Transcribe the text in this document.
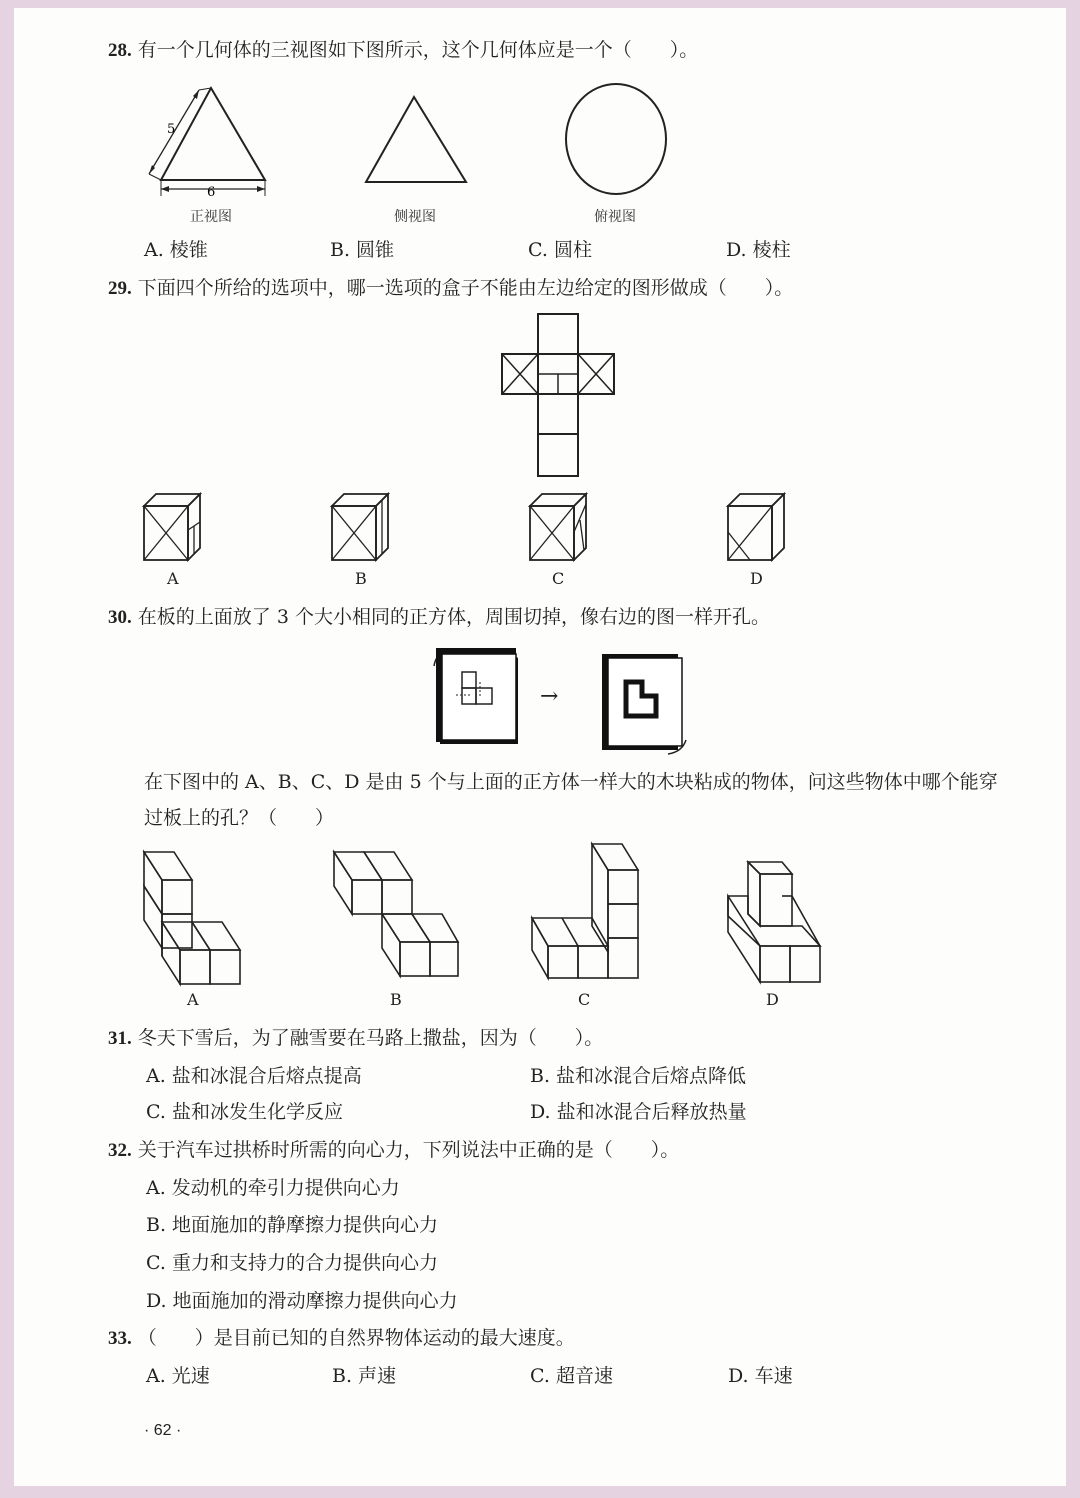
28. 有一个几何体的三视图如下图所示，这个几何体应是一个（　　）。
5
6
正视图	侧视图	俯视图
A. 棱锥	B. 圆锥	C. 圆柱	D. 棱柱
29. 下面四个所给的选项中，哪一选项的盒子不能由左边给定的图形做成（　　）。
A	B	C	D
30. 在板的上面放了 3 个大小相同的正方体，周围切掉，像右边的图一样开孔。
→
在下图中的 A、B、C、D 是由 5 个与上面的正方体一样大的木块粘成的物体，问这些物体中哪个能穿
过板上的孔？（　　）
A	B	C	D
31. 冬天下雪后，为了融雪要在马路上撒盐，因为（　　）。
A. 盐和冰混合后熔点提高	B. 盐和冰混合后熔点降低
C. 盐和冰发生化学反应	D. 盐和冰混合后释放热量
32. 关于汽车过拱桥时所需的向心力，下列说法中正确的是（　　）。
A. 发动机的牵引力提供向心力
B. 地面施加的静摩擦力提供向心力
C. 重力和支持力的合力提供向心力
D. 地面施加的滑动摩擦力提供向心力
33. （　　）是目前已知的自然界物体运动的最大速度。
A. 光速	B. 声速	C. 超音速	D. 车速
· 62 ·
